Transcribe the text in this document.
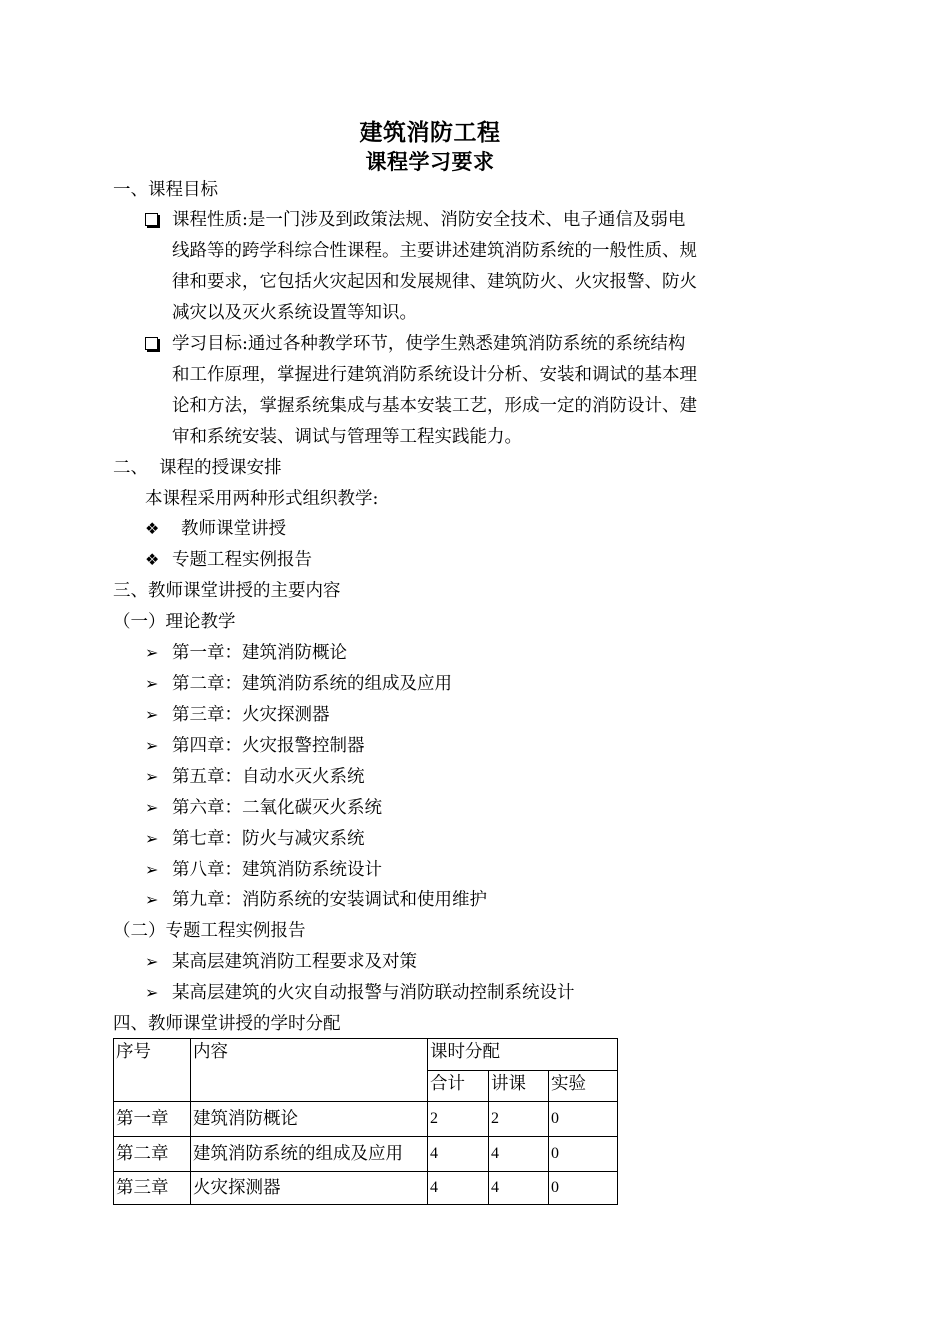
建筑消防工程
课程学习要求
一、课程目标
课程性质:是一门涉及到政策法规、消防安全技术、电子通信及弱电
线路等的跨学科综合性课程。主要讲述建筑消防系统的一般性质、规
律和要求，它包括火灾起因和发展规律、建筑防火、火灾报警、防火
减灾以及灭火系统设置等知识。
学习目标:通过各种教学环节，使学生熟悉建筑消防系统的系统结构
和工作原理，掌握进行建筑消防系统设计分析、安装和调试的基本理
论和方法，掌握系统集成与基本安装工艺，形成一定的消防设计、建
审和系统安装、调试与管理等工程实践能力。
二、  课程的授课安排
本课程采用两种形式组织教学:
❖ 教师课堂讲授
❖ 专题工程实例报告
三、教师课堂讲授的主要内容
（一）理论教学
➢ 第一章：建筑消防概论
➢ 第二章：建筑消防系统的组成及应用
➢ 第三章：火灾探测器
➢ 第四章：火灾报警控制器
➢ 第五章：自动水灭火系统
➢ 第六章：二氧化碳灭火系统
➢ 第七章：防火与减灾系统
➢ 第八章：建筑消防系统设计
➢ 第九章：消防系统的安装调试和使用维护
（二）专题工程实例报告
➢ 某高层建筑消防工程要求及对策
➢ 某高层建筑的火灾自动报警与消防联动控制系统设计
四、教师课堂讲授的学时分配
序号	内容	课时分配		
		合计	讲课	实验
第一章	建筑消防概论	2	2	0
第二章	建筑消防系统的组成及应用	4	4	0
第三章	火灾探测器	4	4	0
